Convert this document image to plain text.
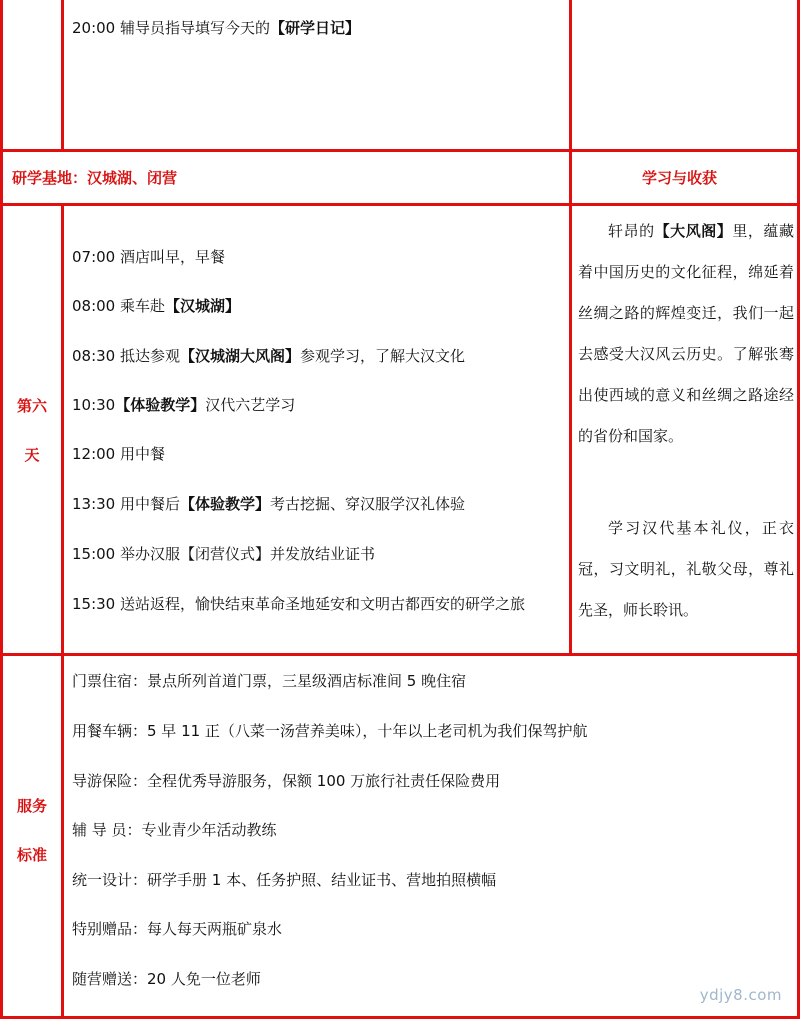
20:00 辅导员指导填写今天的【研学日记】
研学基地：汉城湖、闭营	学习与收获
第六
天
07:00 酒店叫早，早餐
08:00 乘车赴【汉城湖】
08:30 抵达参观【汉城湖大风阁】参观学习，了解大汉文化
10:30【体验教学】汉代六艺学习
12:00 用中餐
13:30 用中餐后【体验教学】考古挖掘、穿汉服学汉礼体验
15:00 举办汉服【闭营仪式】并发放结业证书
15:30 送站返程，愉快结束革命圣地延安和文明古都西安的研学之旅
轩昂的【大风阁】里，蕴藏着中国历史的文化征程，绵延着丝绸之路的辉煌变迁，我们一起去感受大汉风云历史。了解张骞出使西域的意义和丝绸之路途经的省份和国家。
学习汉代基本礼仪，正衣冠，习文明礼，礼敬父母，尊礼先圣，师长聆讯。
服务
标准
门票住宿：景点所列首道门票，三星级酒店标准间 5 晚住宿
用餐车辆：5 早 11 正（八菜一汤营养美味），十年以上老司机为我们保驾护航
导游保险：全程优秀导游服务，保额 100 万旅行社责任保险费用
辅 导 员：专业青少年活动教练
统一设计：研学手册 1 本、任务护照、结业证书、营地拍照横幅
特别赠品：每人每天两瓶矿泉水
随营赠送：20 人免一位老师
ydjy8.com
